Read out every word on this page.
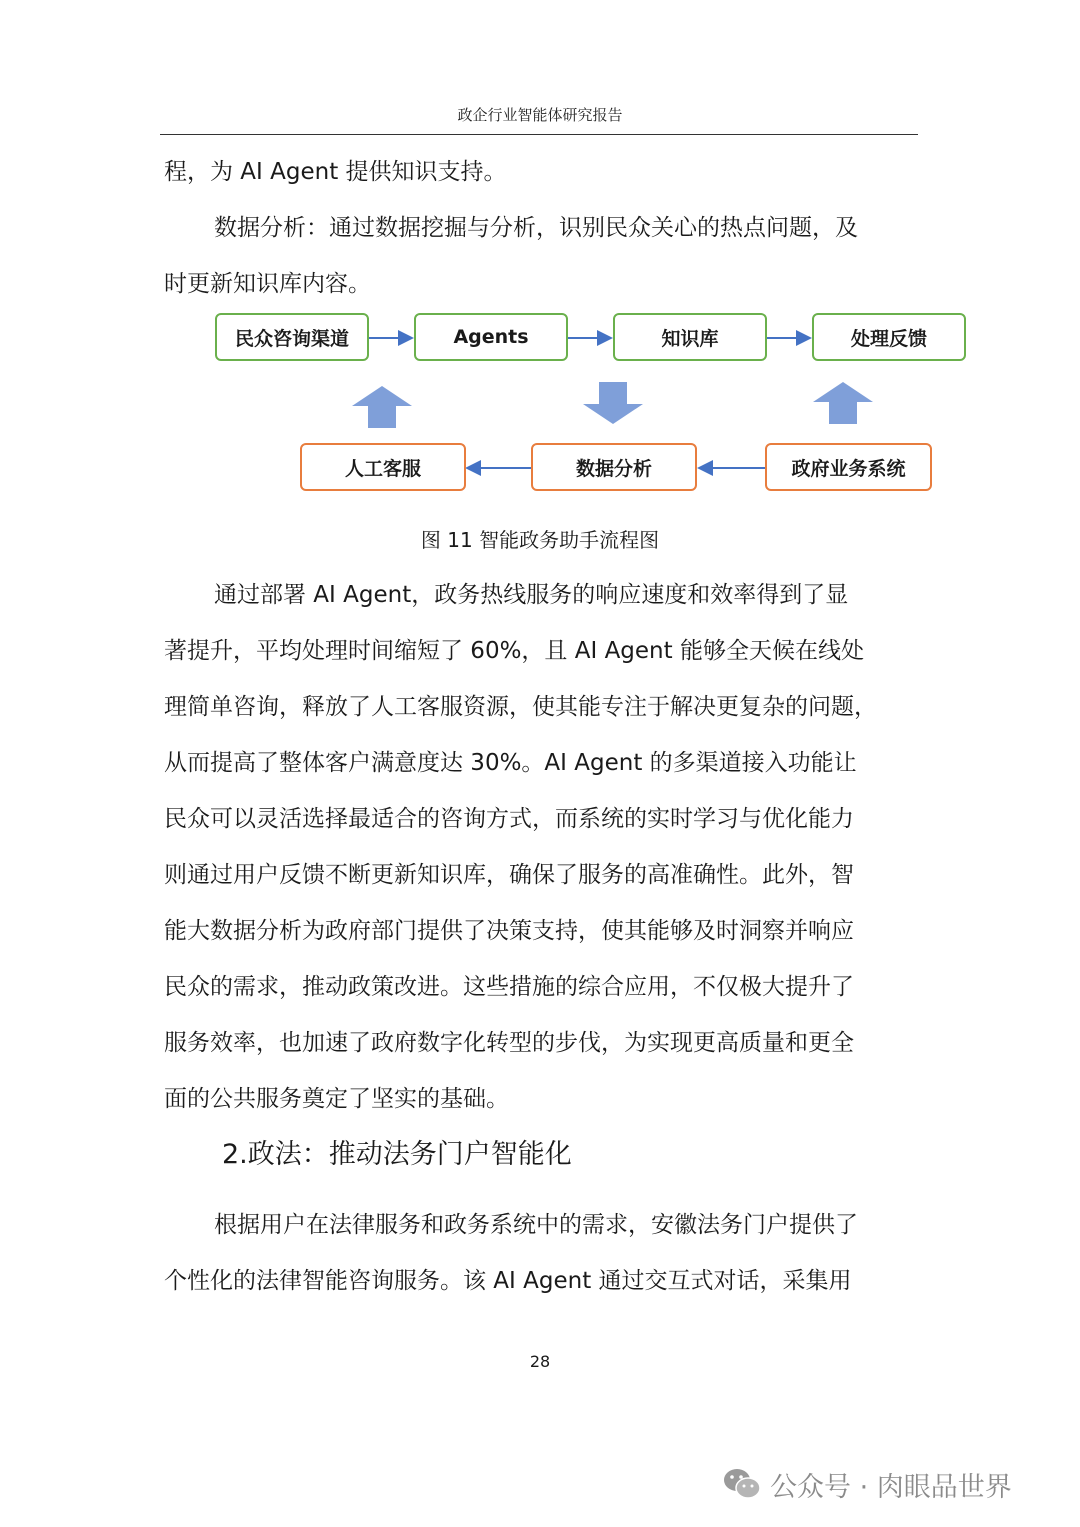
政企行业智能体研究报告
程，为 AI Agent 提供知识支持。
数据分析：通过数据挖掘与分析，识别民众关心的热点问题，及
时更新知识库内容。
民众咨询渠道	Agents	知识库	处理反馈
人工客服	数据分析	政府业务系统
图 11 智能政务助手流程图
通过部署 AI Agent，政务热线服务的响应速度和效率得到了显
著提升，平均处理时间缩短了 60%，且 AI Agent 能够全天候在线处
理简单咨询，释放了人工客服资源，使其能专注于解决更复杂的问题，
从而提高了整体客户满意度达 30%。AI Agent 的多渠道接入功能让
民众可以灵活选择最适合的咨询方式，而系统的实时学习与优化能力
则通过用户反馈不断更新知识库，确保了服务的高准确性。此外，智
能大数据分析为政府部门提供了决策支持，使其能够及时洞察并响应
民众的需求，推动政策改进。这些措施的综合应用，不仅极大提升了
服务效率，也加速了政府数字化转型的步伐，为实现更高质量和更全
面的公共服务奠定了坚实的基础。
2.政法：推动法务门户智能化
根据用户在法律服务和政务系统中的需求，安徽法务门户提供了
个性化的法律智能咨询服务。该 AI Agent 通过交互式对话，采集用
28
公众号 · 肉眼品世界
